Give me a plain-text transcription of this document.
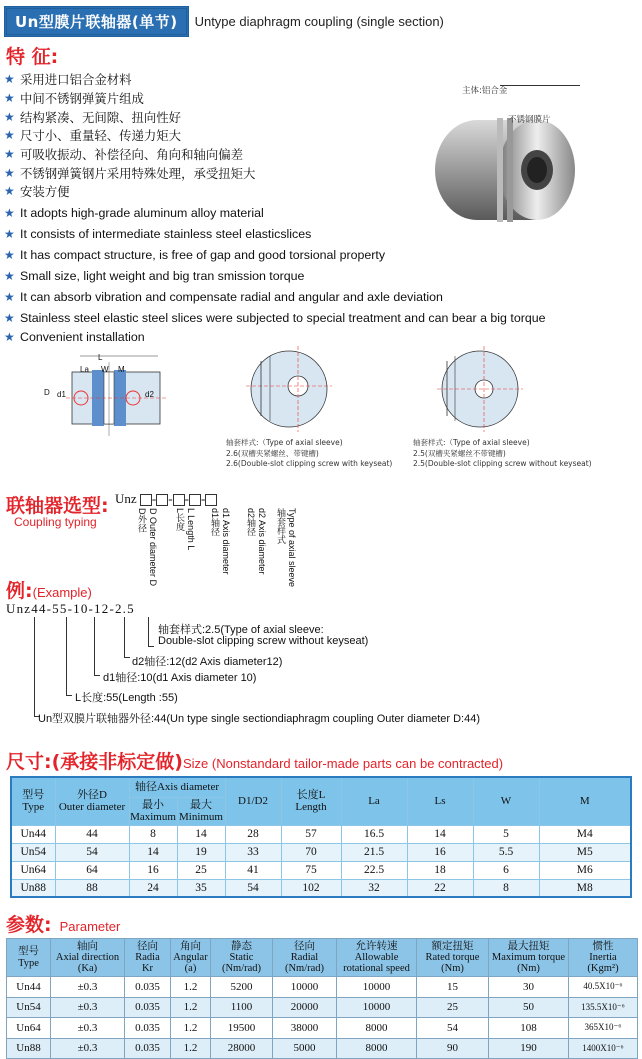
Un型膜片联轴器(单节)	Untype diaphragm coupling (single section)
特 征:
★ 采用进口铝合金材料
★ 中间不锈钢弹簧片组成
★ 结构紧凑、无间隙、扭向性好
★ 尺寸小、重量轻、传递力矩大
★ 可吸收振动、补偿径向、角向和轴向偏差
★ 不锈钢弹簧钢片采用特殊处理，承受扭矩大
★ 安装方便
★ It adopts high-grade aluminum alloy material
★ It consists of intermediate stainless steel elasticslices
★ It has compact structure, is free of gap and good torsional property
★ Small size, light weight and big tran smission torque
★ It can absorb vibration and compensate radial and angular and axle deviation
★ Stainless steel elastic steel slices were subjected to special treatment and can bear a big torque
★ Convenient installation
主体:铝合金
不锈钢膜片
L
La W M
D d1	d2
轴套样式:（Type of axial sleeve)
2.6(双槽夹紧螺丝、带键槽)
2.6(Double-slot clipping screw with keyseat)
轴套样式:（Type of axial sleeve)
2.5(双槽夹紧螺丝不带键槽)
2.5(Double-slot clipping screw without keyseat)
联轴器选型:
Coupling typing
Unz - - - -
D外径 D Outer diameter D L长度 L Length L d1轴径 d1 Axis diameter d2轴径 d2 Axis diameter 轴套样式 Type of axial sleeve
例:(Example)
Unz44-55-10-12-2.5
轴套样式:2.5(Type of axial sleeve:
Double-slot clipping screw without keyseat)
d2轴径:12(d2 Axis diameter12)
d1轴径:10(d1 Axis diameter 10)
L长度:55(Length :55)
Un型双膜片联轴器外径:44(Un type single sectiondiaphragm coupling Outer diameter D:44)
尺寸:(承接非标定做)Size (Nonstandard tailor-made parts can be contracted)
型号
Type	外径D
Outer diameter	轴径Axis diameter		D1/D2	长度L
Length	La	Ls	W	M
		最小
Maximum	最大
Minimum						
Un44	44	8	14	28	57	16.5	14	5	M4
Un54	54	14	19	33	70	21.5	16	5.5	M5
Un64	64	16	25	41	75	22.5	18	6	M6
Un88	88	24	35	54	102	32	22	8	M8
参数: Parameter
型号
Type	轴向
Axial direction
(Ka)	径向
Radia
Kr	角向
Angular
(a)	静态
Static
(Nm/rad)	径向
Radial
(Nm/rad)	允许转速
Allowable
rotational speed	额定扭矩
Rated torque
(Nm)	最大扭矩
Maximum torque
(Nm)	惯性
Inertia
(Kgm²)
Un44	±0.3	0.035	1.2	5200	10000	10000	15	30	40.5X10⁻⁶
Un54	±0.3	0.035	1.2	1100	20000	10000	25	50	135.5X10⁻⁶
Un64	±0.3	0.035	1.2	19500	38000	8000	54	108	365X10⁻⁶
Un88	±0.3	0.035	1.2	28000	5000	8000	90	190	1400X10⁻⁶
